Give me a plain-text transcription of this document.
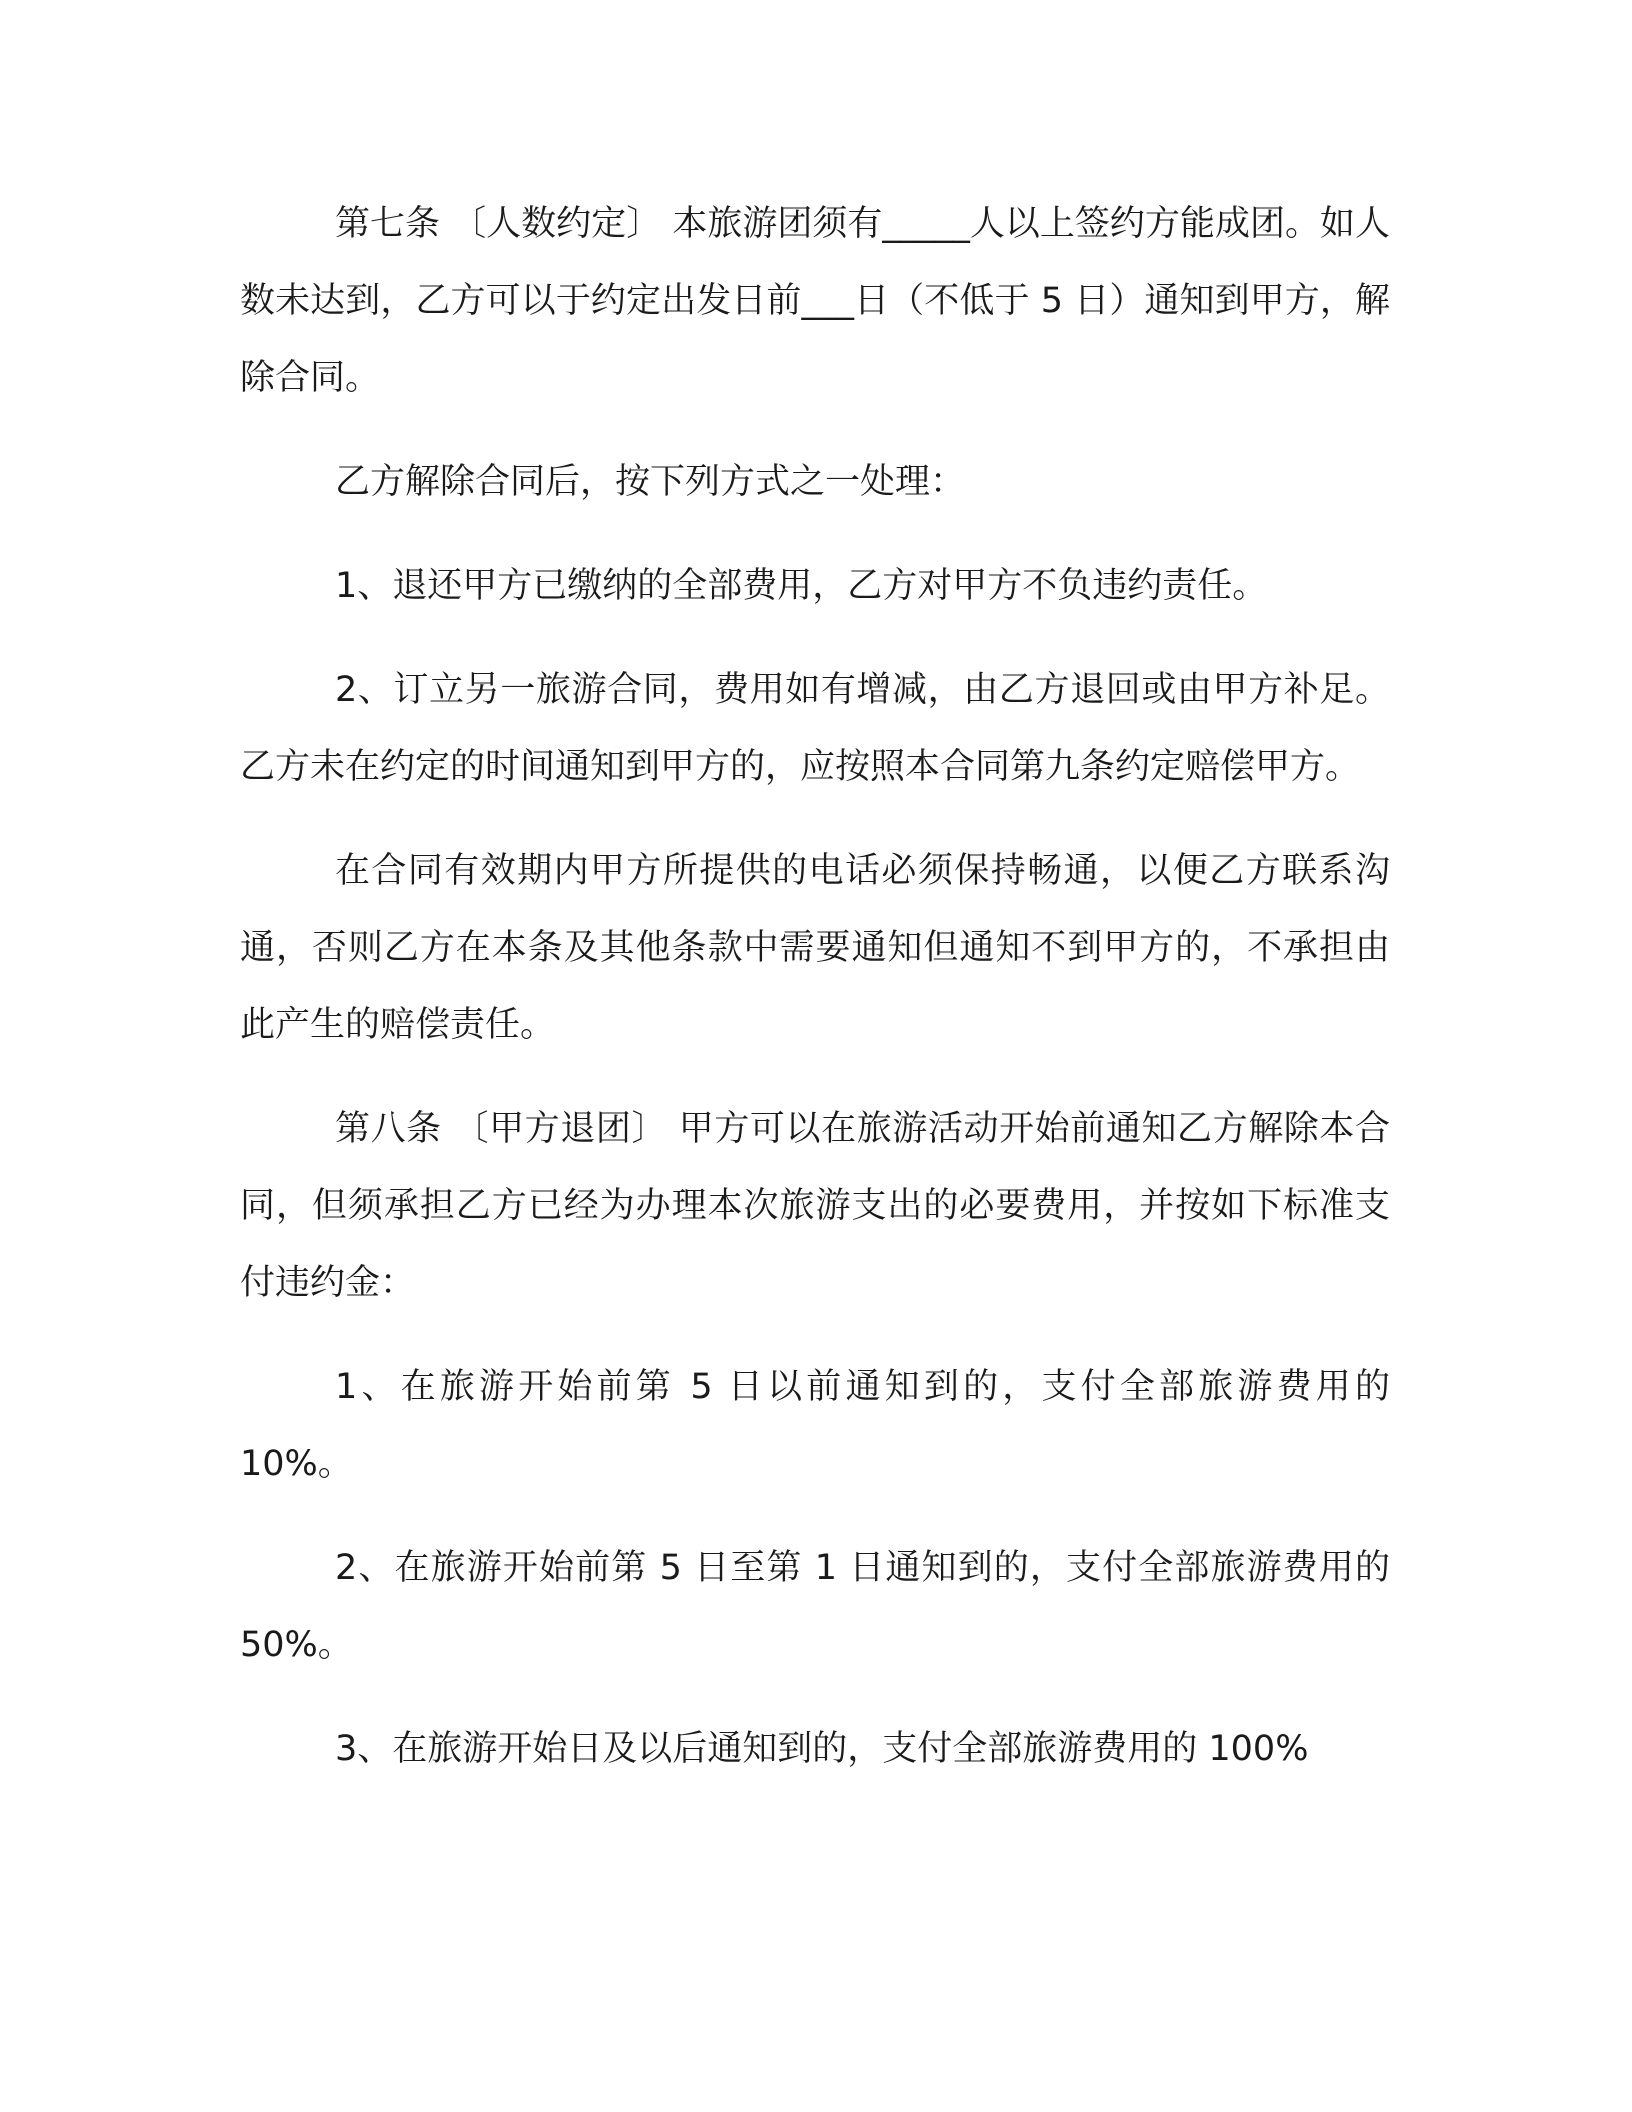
第七条 〔人数约定〕 本旅游团须有_____人以上签约方能成团。如人数未达到，乙方可以于约定出发日前___日（不低于 5 日）通知到甲方，解除合同。

乙方解除合同后，按下列方式之一处理：

1、退还甲方已缴纳的全部费用，乙方对甲方不负违约责任。

2、订立另一旅游合同，费用如有增减，由乙方退回或由甲方补足。乙方未在约定的时间通知到甲方的，应按照本合同第九条约定赔偿甲方。

在合同有效期内甲方所提供的电话必须保持畅通，以便乙方联系沟通，否则乙方在本条及其他条款中需要通知但通知不到甲方的，不承担由此产生的赔偿责任。

第八条 〔甲方退团〕 甲方可以在旅游活动开始前通知乙方解除本合同，但须承担乙方已经为办理本次旅游支出的必要费用，并按如下标准支付违约金：

1、在旅游开始前第 5 日以前通知到的，支付全部旅游费用的 10%。

2、在旅游开始前第 5 日至第 1 日通知到的，支付全部旅游费用的 50%。

3、在旅游开始日及以后通知到的，支付全部旅游费用的 100%
